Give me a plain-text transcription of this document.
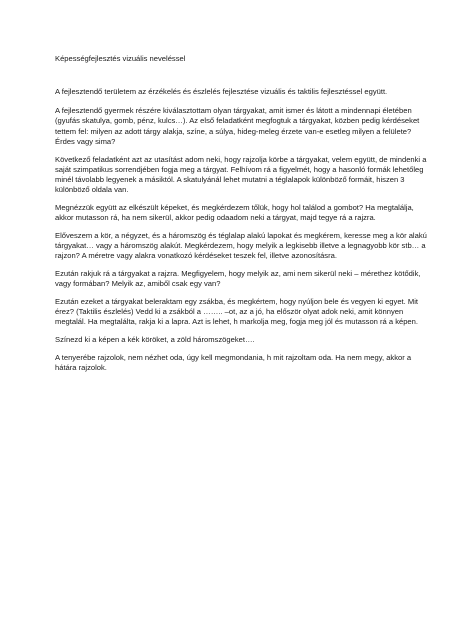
Képességfejlesztés vizuális neveléssel

A fejlesztendő területem az érzékelés és észlelés fejlesztése vizuális és taktilis fejlesztéssel együtt.

A fejlesztendő gyermek részére kiválasztottam olyan tárgyakat, amit ismer és látott a mindennapi életében (gyufás skatulya, gomb, pénz, kulcs…). Az első feladatként megfogtuk a tárgyakat, közben pedig kérdéseket tettem fel: milyen az adott tárgy alakja, színe, a súlya, hideg-meleg érzete van-e esetleg milyen a felülete? Érdes vagy sima?

Következő feladatként azt az utasítást adom neki, hogy rajzolja körbe a tárgyakat, velem együtt, de mindenki a saját szimpatikus sorrendjében fogja meg a tárgyat. Felhívom rá a figyelmét, hogy a hasonló formák lehetőleg minél távolabb legyenek a másiktól. A skatulyánál lehet mutatni a téglalapok különböző formáit, hiszen 3 különböző oldala van.

Megnézzük együtt az elkészült képeket, és megkérdezem tőlük, hogy hol találod a gombot? Ha megtalálja, akkor mutasson rá, ha nem sikerül, akkor pedig odaadom neki a tárgyat, majd tegye rá a rajzra.

Előveszem a kör, a négyzet, és a háromszög és téglalap alakú lapokat és megkérem, keresse meg a kör alakú tárgyakat… vagy a háromszög alakút. Megkérdezem, hogy melyik a legkisebb illetve a legnagyobb kör stb… a rajzon? A méretre vagy alakra vonatkozó kérdéseket teszek fel, illetve azonosításra.

Ezután rakjuk rá a tárgyakat a rajzra. Megfigyelem, hogy melyik az, ami nem sikerül neki – mérethez kötődik, vagy formában? Melyik az, amiből csak egy van?

Ezután ezeket a tárgyakat beleraktam egy zsákba, és megkértem, hogy nyúljon bele és vegyen ki egyet. Mit érez? (Taktilis észlelés) Vedd ki a zsákból a …….. –ot, az a jó, ha először olyat adok neki, amit könnyen megtalál. Ha megtalálta, rakja ki a lapra. Azt is lehet, h markolja meg, fogja meg jól és mutasson rá a képen.

Színezd ki a képen a kék köröket, a zöld háromszögeket….

A tenyerébe rajzolok, nem nézhet oda, úgy kell megmondania, h mit rajzoltam oda. Ha nem megy, akkor a hátára rajzolok.
